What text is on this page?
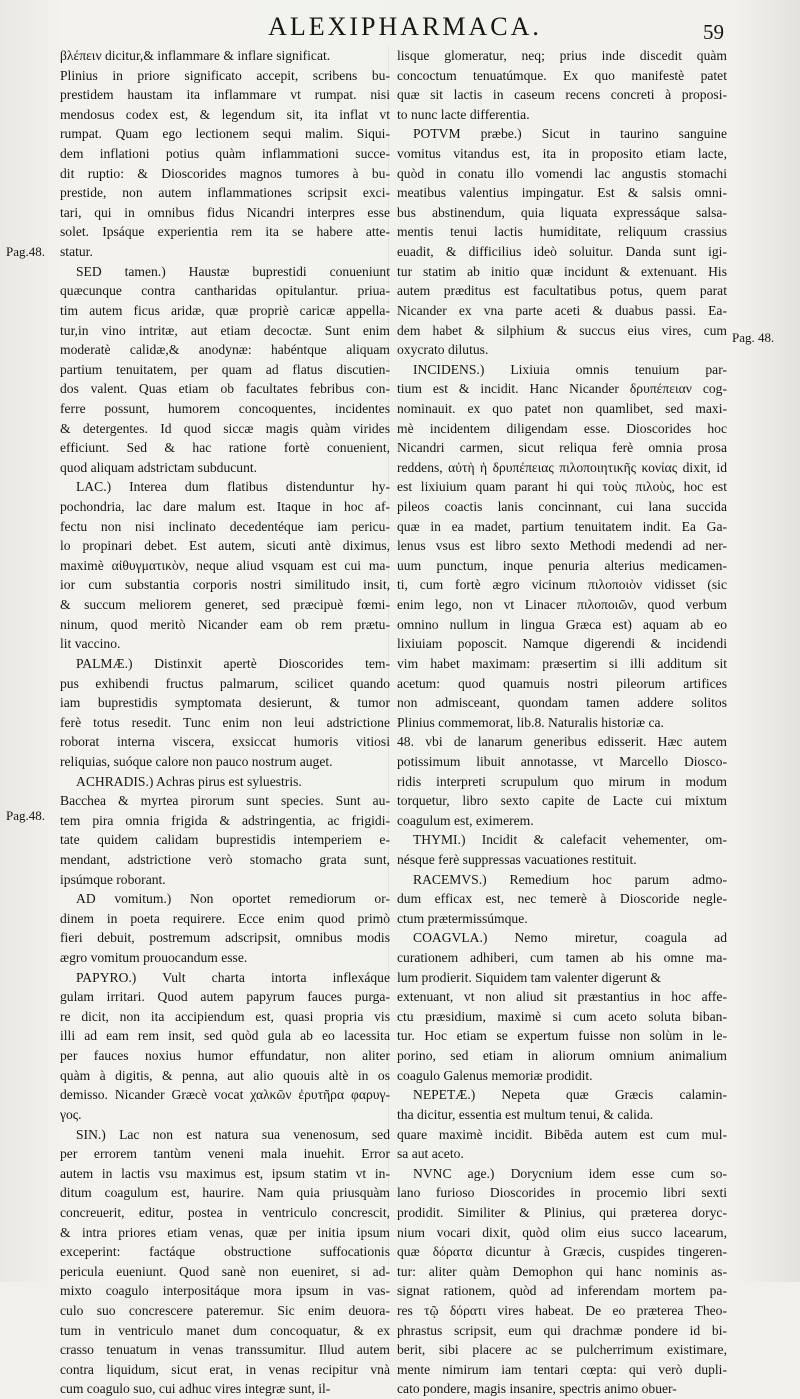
ALEXIPHARMACA.	59
Pag.48.
Pag.48.
Pag. 48.
βλέπειν dicitur,& inflammare & inflare significat.
Plinius in priore significato accepit, scribens bu-
prestidem haustam ita inflammare vt rumpat. nisi
mendosus codex est, & legendum sit, ita inflat vt
rumpat. Quam ego lectionem sequi malim. Siqui-
dem inflationi potius quàm inflammationi succe-
dit ruptio: & Dioscorides magnos tumores à bu-
prestide, non autem inflammationes scripsit exci-
tari, qui in omnibus fidus Nicandri interpres esse
solet. Ipsáque experientia rem ita se habere atte-
statur.
SED tamen.) Haustæ buprestidi conueniunt
quæcunque contra cantharidas opitulantur. priua-
tim autem ficus aridæ, quæ propriè caricæ appella-
tur,in vino intritæ, aut etiam decoctæ. Sunt enim
moderatè calidæ,& anodynæ: habéntque aliquam
partium tenuitatem, per quam ad flatus discutien-
dos valent. Quas etiam ob facultates febribus con-
ferre possunt, humorem concoquentes, incidentes
& detergentes. Id quod siccæ magis quàm virides
efficiunt. Sed & hac ratione fortè conuenient,
quod aliquam adstrictam subducunt.
LAC.) Interea dum flatibus distenduntur hy-
pochondria, lac dare malum est. Itaque in hoc af-
fectu non nisi inclinato decedentéque iam pericu-
lo propinari debet. Est autem, sicuti antè diximus,
maximè αἰθυγματικὸν, neque aliud vsquam est cui ma-
ior cum substantia corporis nostri similitudo insit,
& succum meliorem generet, sed præcipuè fœmi-
ninum, quod meritò Nicander eam ob rem prætu-
lit vaccino.
PALMÆ.) Distinxit apertè Dioscorides tem-
pus exhibendi fructus palmarum, scilicet quando
iam buprestidis symptomata desierunt, & tumor
ferè totus resedit. Tunc enim non leui adstrictione
roborat interna viscera, exsiccat humoris vitiosi
reliquias, suóque calore non pauco nostrum auget.
ACHRADIS.) Achras pirus est syluestris.
Bacchea & myrtea pirorum sunt species. Sunt au-
tem pira omnia frigida & adstringentia, ac frigidi-
tate quidem calidam buprestidis intemperiem e-
mendant, adstrictione verò stomacho grata sunt,
ipsúmque roborant.
AD vomitum.) Non oportet remediorum or-
dinem in poeta requirere. Ecce enim quod primò
fieri debuit, postremum adscripsit, omnibus modis
ægro vomitum prouocandum esse.
PAPYRO.) Vult charta intorta inflexáque
gulam irritari. Quod autem papyrum fauces purga-
re dicit, non ita accipiendum est, quasi propria vis
illi ad eam rem insit, sed quòd gula ab eo lacessita
per fauces noxius humor effundatur, non aliter
quàm à digitis, & penna, aut alio quouis altè in os
demisso. Nicander Græcè vocat χαλκῶν ἐρυτῆρα φαρυγ-
γος.
SIN.) Lac non est natura sua venenosum, sed
per errorem tantùm veneni mala inuehit. Error
autem in lactis vsu maximus est, ipsum statim vt in-
ditum coagulum est, haurire. Nam quia priusquàm
concreuerit, editur, postea in ventriculo concrescit,
& intra priores etiam venas, quæ per initia ipsum
exceperint: factáque obstructione suffocationis
pericula eueniunt. Quod sanè non eueniret, si ad-
mixto coagulo interpositáque mora ipsum in vas-
culo suo concrescere pateremur. Sic enim deuora-
tum in ventriculo manet dum concoquatur, & ex
crasso tenuatum in venas transsumitur. Illud autem
contra liquidum, sicut erat, in venas recipitur vnà
cum coagulo suo, cui adhuc vires integræ sunt, il-
lisque glomeratur, neq; prius inde discedit quàm
concoctum tenuatúmque. Ex quo manifestè patet
quæ sit lactis in caseum recens concreti à proposi-
to nunc lacte differentia.
POTVM præbe.) Sicut in taurino sanguine
vomitus vitandus est, ita in proposito etiam lacte,
quòd in conatu illo vomendi lac angustis stomachi
meatibus valentius impingatur. Est & salsis omni-
bus abstinendum, quia liquata expressáque salsa-
mentis tenui lactis humiditate, reliquum crassius
euadit, & difficilius ideò soluitur. Danda sunt igi-
tur statim ab initio quæ incidunt & extenuant. His
autem præditus est facultatibus potus, quem parat
Nicander ex vna parte aceti & duabus passi. Ea-
dem habet & silphium & succus eius vires, cum
oxycrato dilutus.
INCIDENS.) Lixiuia omnis tenuium par-
tium est & incidit. Hanc Nicander δρυπέπειαν cog-
nominauit. ex quo patet non quamlibet, sed maxi-
mè incidentem diligendam esse. Dioscorides hoc
Nicandri carmen, sicut reliqua ferè omnia prosa
reddens, αὐτὴ ἡ δρυπέπειας πιλοποιητικῆς κονίας dixit, id
est lixiuium quam parant hi qui τοὺς πιλοὺς, hoc est
pileos coactis lanis concinnant, cui lana succida
quæ in ea madet, partium tenuitatem indit. Ea Ga-
lenus vsus est libro sexto Methodi medendi ad ner-
uum punctum, inque penuria alterius medicamen-
ti, cum fortè ægro vicinum πιλοποιὸν vidisset (sic
enim lego, non vt Linacer πιλοποιῶν, quod verbum
omnino nullum in lingua Græca est) aquam ab eo
lixiuiam poposcit. Namque digerendi & incidendi
vim habet maximam: præsertim si illi additum sit
acetum: quod quamuis nostri pileorum artifices
non admisceant, quondam tamen addere solitos
Plinius commemorat, lib.8. Naturalis historiæ ca.
48. vbi de lanarum generibus edisserit. Hæc autem
potissimum libuit annotasse, vt Marcello Diosco-
ridis interpreti scrupulum quo mirum in modum
torquetur, libro sexto capite de Lacte cui mixtum
coagulum est, eximerem.
THYMI.) Incidit & calefacit vehementer, om-
nésque ferè suppressas vacuationes restituit.
RACEMVS.) Remedium hoc parum admo-
dum efficax est, nec temerè à Dioscoride negle-
ctum prætermissúmque.
COAGVLA.) Nemo miretur, coagula ad
curationem adhiberi, cum tamen ab his omne ma-
lum prodierit. Siquidem tam valenter digerunt &
extenuant, vt non aliud sit præstantius in hoc affe-
ctu præsidium, maximè si cum aceto soluta biban-
tur. Hoc etiam se expertum fuisse non solùm in le-
porino, sed etiam in aliorum omnium animalium
coagulo Galenus memoriæ prodidit.
NEPETÆ.) Nepeta quæ Græcis calamin-
tha dicitur, essentia est multum tenui, & calida.
quare maximè incidit. Bibēda autem est cum mul-
sa aut aceto.
NVNC age.) Dorycnium idem esse cum so-
lano furioso Dioscorides in procemio libri sexti
prodidit. Similiter & Plinius, qui præterea doryc-
nium vocari dixit, quòd olim eius succo lacearum,
quæ δόρατα dicuntur à Græcis, cuspides tingeren-
tur: aliter quàm Demophon qui hanc nominis as-
signat rationem, quòd ad inferendam mortem pa-
res τῷ δόρατι vires habeat. De eo præterea Theo-
phrastus scripsit, eum qui drachmæ pondere id bi-
berit, sibi placere ac se pulcherrimum existimare,
mente nimirum iam tentari cœpta: qui verò dupli-
cato pondere, magis insanire, spectris animo obuer-
